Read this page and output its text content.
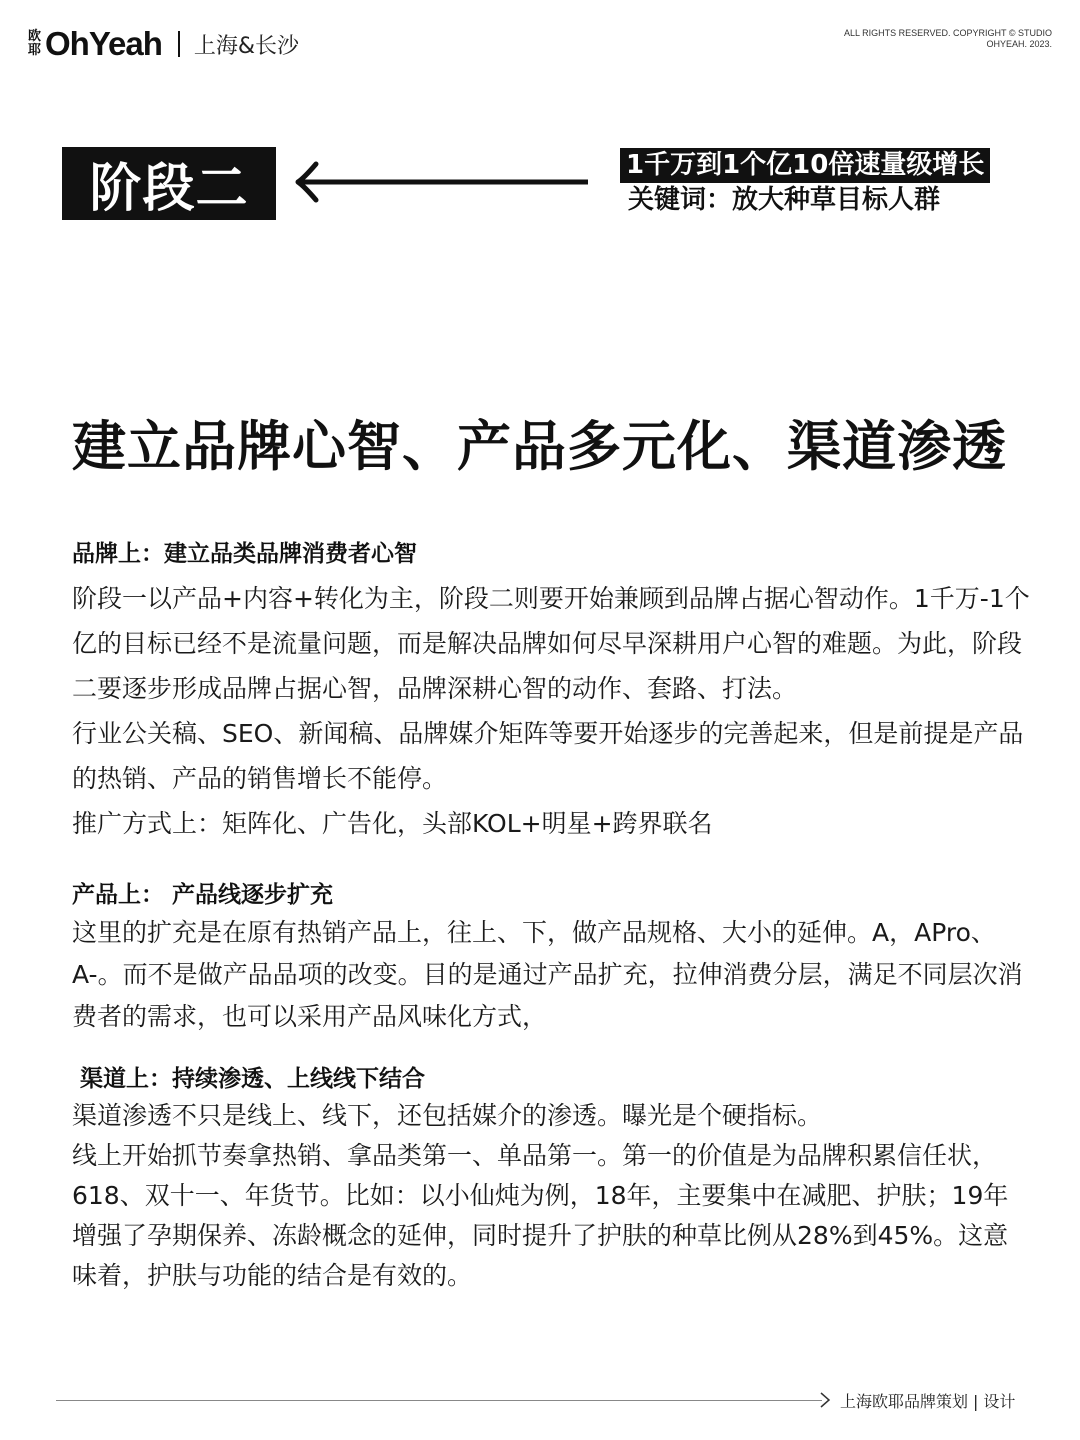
欧
耶 OhYeah 上海&长沙
ALL RIGHTS RESERVED. COPYRIGHT © STUDIO
OHYEAH. 2023.
阶段二	1千万到1个亿10倍速量级增长
关键词：放大种草目标人群
建立品牌心智、产品多元化、渠道渗透
品牌上：建立品类品牌消费者心智

阶段一以产品+内容+转化为主，阶段二则要开始兼顾到品牌占据心智动作。1千万-1个亿的目标已经不是流量问题，而是解决品牌如何尽早深耕用户心智的难题。为此，阶段二要逐步形成品牌占据心智，品牌深耕心智的动作、套路、打法。

行业公关稿、SEO、新闻稿、品牌媒介矩阵等要开始逐步的完善起来，但是前提是产品的热销、产品的销售增长不能停。

推广方式上：矩阵化、广告化，头部KOL+明星+跨界联名

产品上： 产品线逐步扩充

这里的扩充是在原有热销产品上，往上、下，做产品规格、大小的延伸。A，APro、A-。而不是做产品品项的改变。目的是通过产品扩充，拉伸消费分层，满足不同层次消费者的需求，也可以采用产品风味化方式，

渠道上：持续渗透、上线线下结合

渠道渗透不只是线上、线下，还包括媒介的渗透。曝光是个硬指标。

线上开始抓节奏拿热销、拿品类第一、单品第一。第一的价值是为品牌积累信任状，618、双十一、年货节。比如：以小仙炖为例，18年，主要集中在减肥、护肤；19年增强了孕期保养、冻龄概念的延伸，同时提升了护肤的种草比例从28%到45%。这意味着，护肤与功能的结合是有效的。

上海欧耶品牌策划 | 设计
